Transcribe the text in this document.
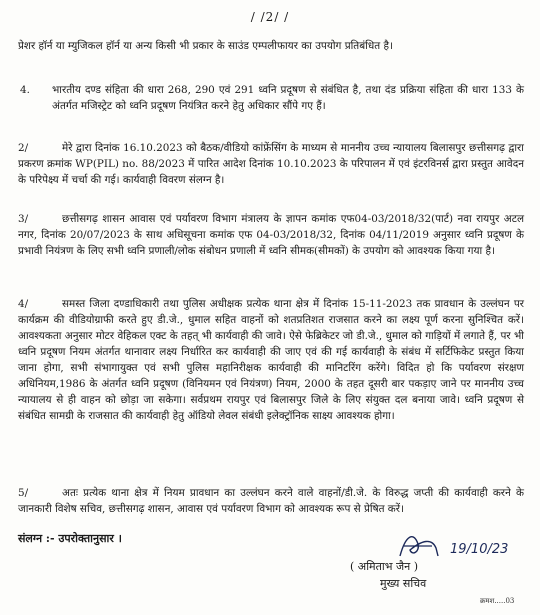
/ /2/ /
प्रेशर हॉर्न या म्युजिकल हॉर्न या अन्य किसी भी प्रकार के साउंड एम्पलीफायर का उपयोग प्रतिबंधित है।
4. भारतीय दण्ड संहिता की धारा 268, 290 एवं 291 ध्वनि प्रदूषण से संबंधित है, तथा दंड प्रक्रिया संहिता की धारा 133 के अंतर्गत मजिस्ट्रेट को ध्वनि प्रदूषण नियंत्रित करने हेतु अधिकार सौंपे गए हैं।
2/	मेरे द्वारा दिनांक 16.10.2023 को बैठक/वीडियो कांफ्रेंसिंग के माध्यम से माननीय उच्च न्यायालय बिलासपुर छत्तीसगढ़ द्वारा प्रकरण क्रमांक WP(PIL) no. 88/2023 में पारित आदेश दिनांक 10.10.2023 के परिपालन में एवं इंटरविनर्स द्वारा प्रस्तुत आवेदन के परिपेक्ष्य में चर्चा की गई। कार्यवाही विवरण संलग्न है।
3/	छत्तीसगढ़ शासन आवास एवं पर्यावरण विभाग मंत्रालय के ज्ञापन कमांक एफ04-03/2018/32(पार्ट) नवा रायपुर अटल नगर, दिनांक 20/07/2023 के साथ अधिसूचना कमांक एफ 04-03/2018/32, दिनांक 04/11/2019 अनुसार ध्वनि प्रदूषण के प्रभावी नियंत्रण के लिए सभी ध्वनि प्रणाली/लोक संबोधन प्रणाली में ध्वनि सीमक(सीमकों) के उपयोग को आवश्यक किया गया है।
4/	समस्त जिला दण्डाधिकारी तथा पुलिस अधीक्षक प्रत्येक थाना क्षेत्र में दिनांक 15-11-2023 तक प्रावधान के उल्लंघन पर कार्यक्रम की वीडियोग्राफी करते हुए डी.जे., धुमाल सहित वाहनों को शतप्रतिशत राजसात करने का लक्ष्य पूर्ण करना सुनिश्चित करें। आवश्यकता अनुसार मोटर वेहिकल एक्ट के तहत् भी कार्यवाही की जावे। ऐसे फेब्रिकेटर जो डी.जे., धुमाल को गाड़ियों में लगाते हैं, पर भी ध्वनि प्रदूषण नियम अंतर्गत थानावार लक्ष्य निर्धारित कर कार्यवाही की जाए एवं की गई कार्यवाही के संबंध में सर्टिफिकेट प्रस्तुत किया जाना होगा, सभी संभागायुक्त एवं सभी पुलिस महानिरीक्षक कार्यवाही की मानिटरिंग करेंगे। विदित हो कि पर्यावरण संरक्षण अधिनियम,1986 के अंतर्गत ध्वनि प्रदूषण (विनियमन एवं नियंत्रण) नियम, 2000 के तहत दूसरी बार पकड़ाए जाने पर माननीय उच्च न्यायालय से ही वाहन को छोड़ा जा सकेगा। सर्वप्रथम रायपुर एवं बिलासपुर जिले के लिए संयुक्त दल बनाया जावे। ध्वनि प्रदूषण से संबंधित सामग्री के राजसात की कार्यवाही हेतु ऑडियो लेवल संबंधी इलेक्ट्रॉनिक साक्ष्य आवश्यक होगा।
5/	अतः प्रत्येक थाना क्षेत्र में नियम प्रावधान का उल्लंघन करने वाले वाहनों/डी.जे. के विरुद्ध जप्ती की कार्यवाही करने के जानकारी विशेष सचिव, छत्तीसगढ़ शासन, आवास एवं पर्यावरण विभाग को आवश्यक रूप से प्रेषित करें।
संलग्न :- उपरोक्तानुसार ।
19/10/23
( अमिताभ जैन )
मुख्य सचिव
क्रमश.....03
